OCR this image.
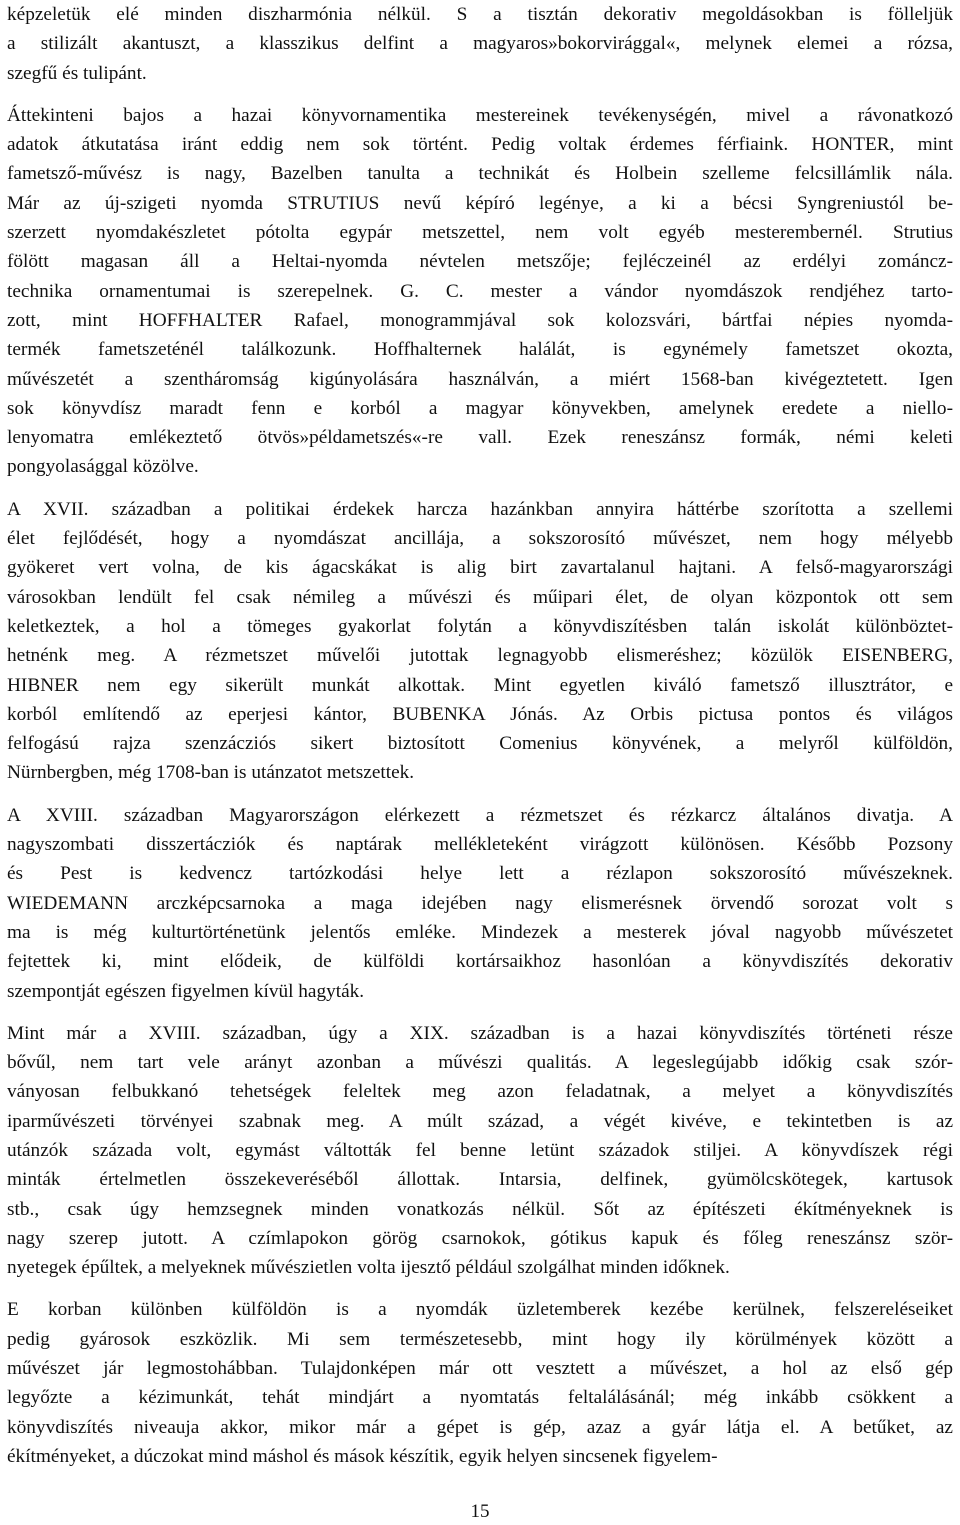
képzeletük elé minden diszharmónia nélkül. S a tisztán dekorativ megoldásokban is fölleljük
a stilizált akantuszt, a klasszikus delfint a magyaros»bokorvirággal«, melynek elemei a rózsa,
szegfű és tulipánt.
Áttekinteni bajos a hazai könyvornamentika mestereinek tevékenységén, mivel a rávonatkozó
adatok átkutatása iránt eddig nem sok történt. Pedig voltak érdemes férfiaink. HONTER, mint
fametsző-művész is nagy, Bazelben tanulta a technikát és Holbein szelleme felcsillámlik nála.
Már az új-szigeti nyomda STRUTIUS nevű képíró legénye, a ki a bécsi Syngreniustól be-
szerzett nyomdakészletet pótolta egypár metszettel, nem volt egyéb mesterembernél. Strutius
fölött magasan áll a Heltai-nyomda névtelen metszője; fejléczeinél az erdélyi zománcz-
technika ornamentumai is szerepelnek. G. C. mester a vándor nyomdászok rendjéhez tarto-
zott, mint HOFFHALTER Rafael, monogrammjával sok kolozsvári, bártfai népies nyomda-
termék fametszeténél találkozunk. Hoffhalternek halálát, is egynémely fametszet okozta,
művészetét a szentháromság kigúnyolására használván, a miért 1568-ban kivégeztetett. Igen
sok könyvdísz maradt fenn e korból a magyar könyvekben, amelynek eredete a niello-
lenyomatra emlékeztető ötvös»példametszés«-re vall. Ezek reneszánsz formák, némi keleti
pongyolasággal közölve.
A XVII. században a politikai érdekek harcza hazánkban annyira háttérbe szorította a szellemi
élet fejlődését, hogy a nyomdászat ancillája, a sokszorosító művészet, nem hogy mélyebb
gyökeret vert volna, de kis ágacskákat is alig birt zavartalanul hajtani. A felső-magyarországi
városokban lendült fel csak némileg a művészi és műipari élet, de olyan központok ott sem
keletkeztek, a hol a tömeges gyakorlat folytán a könyvdiszítésben talán iskolát különböztet-
hetnénk meg. A rézmetszet művelői jutottak legnagyobb elismeréshez; közülök EISENBERG,
HIBNER nem egy sikerült munkát alkottak. Mint egyetlen kiváló fametsző illusztrátor, e
korból említendő az eperjesi kántor, BUBENKA Jónás. Az Orbis pictusa pontos és világos
felfogású rajza szenzácziós sikert biztosított Comenius könyvének, a melyről külföldön,
Nürnbergben, még 1708-ban is utánzatot metszettek.
A XVIII. században Magyarországon elérkezett a rézmetszet és rézkarcz általános divatja. A
nagyszombati disszertácziók és naptárak mellékleteként virágzott különösen. Később Pozsony
és Pest is kedvencz tartózkodási helye lett a rézlapon sokszorosító művészeknek.
WIEDEMANN arczképcsarnoka a maga idejében nagy elismerésnek örvendő sorozat volt s
ma is még kulturtörténetünk jelentős emléke. Mindezek a mesterek jóval nagyobb művészetet
fejtettek ki, mint elődeik, de külföldi kortársaikhoz hasonlóan a könyvdiszítés dekorativ
szempontját egészen figyelmen kívül hagyták.
Mint már a XVIII. században, úgy a XIX. században is a hazai könyvdiszítés történeti része
bővűl, nem tart vele arányt azonban a művészi qualitás. A legeslegújabb időkig csak szór-
ványosan felbukkanó tehetségek feleltek meg azon feladatnak, a melyet a könyvdiszítés
iparművészeti törvényei szabnak meg. A múlt század, a végét kivéve, e tekintetben is az
utánzók százada volt, egymást váltották fel benne letünt századok stiljei. A könyvdíszek régi
minták értelmetlen összekeveréséből állottak. Intarsia, delfinek, gyümölcskötegek, kartusok
stb., csak úgy hemzsegnek minden vonatkozás nélkül. Sőt az építészeti ékítményeknek is
nagy szerep jutott. A czímlapokon görög csarnokok, gótikus kapuk és főleg reneszánsz ször-
nyetegek épűltek, a melyeknek művészietlen volta ijesztő például szolgálhat minden időknek.
E korban különben külföldön is a nyomdák üzletemberek kezébe kerülnek, felszereléseiket
pedig gyárosok eszközlik. Mi sem természetesebb, mint hogy ily körülmények között a
művészet jár legmostohábban. Tulajdonképen már ott vesztett a művészet, a hol az első gép
legyőzte a kézimunkát, tehát mindjárt a nyomtatás feltalálásánál; még inkább csökkent a
könyvdiszítés niveauja akkor, mikor már a gépet is gép, azaz a gyár látja el. A betűket, az
ékítményeket, a dúczokat mind máshol és mások készítik, egyik helyen sincsenek figyelem-
15
